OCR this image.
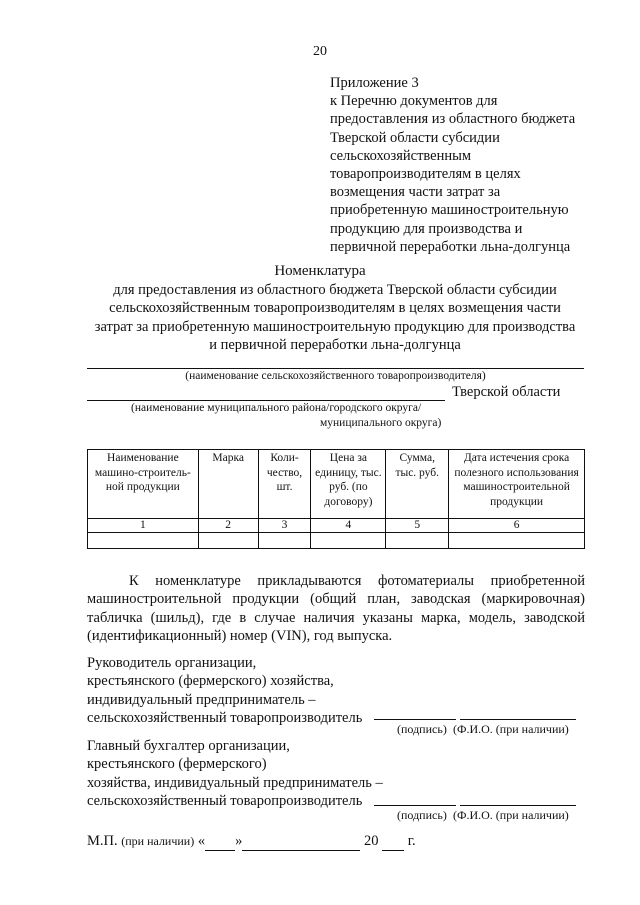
20
Приложение 3
к Перечню документов для
предоставления из областного бюджета
Тверской области субсидии
сельскохозяйственным
товаропроизводителям в целях
возмещения части затрат за
приобретенную машиностроительную
продукцию для производства и
первичной переработки льна-долгунца
Номенклатура
для предоставления из областного бюджета Тверской области субсидии
сельскохозяйственным товаропроизводителям в целях возмещения части
затрат за приобретенную машиностроительную продукцию для производства
и первичной переработки льна-долгунца
(наименование сельскохозяйственного товаропроизводителя)
Тверской области
(наименование муниципального района/городского округа/
муниципального округа)
Наименование машино-строитель-ной продукции	Марка	Коли-чество, шт.	Цена за единицу, тыс. руб. (по договору)	Сумма, тыс. руб.	Дата истечения срока полезного использования машиностроительной продукции
1	2	3	4	5	6

К номенклатуре прикладываются фотоматериалы приобретенной машиностроительной продукции (общий план, заводская (маркировочная) табличка (шильд), где в случае наличия указаны марка, модель, заводской (идентификационный) номер (VIN), год выпуска.
Руководитель организации,
крестьянского (фермерского) хозяйства,
индивидуальный предприниматель –
сельскохозяйственный товаропроизводитель
(подпись) (Ф.И.О. (при наличии)
Главный бухгалтер организации,
крестьянского (фермерского)
хозяйства, индивидуальный предприниматель –
сельскохозяйственный товаропроизводитель
(подпись) (Ф.И.О. (при наличии)
М.П. (при наличии) « »	20 г.
